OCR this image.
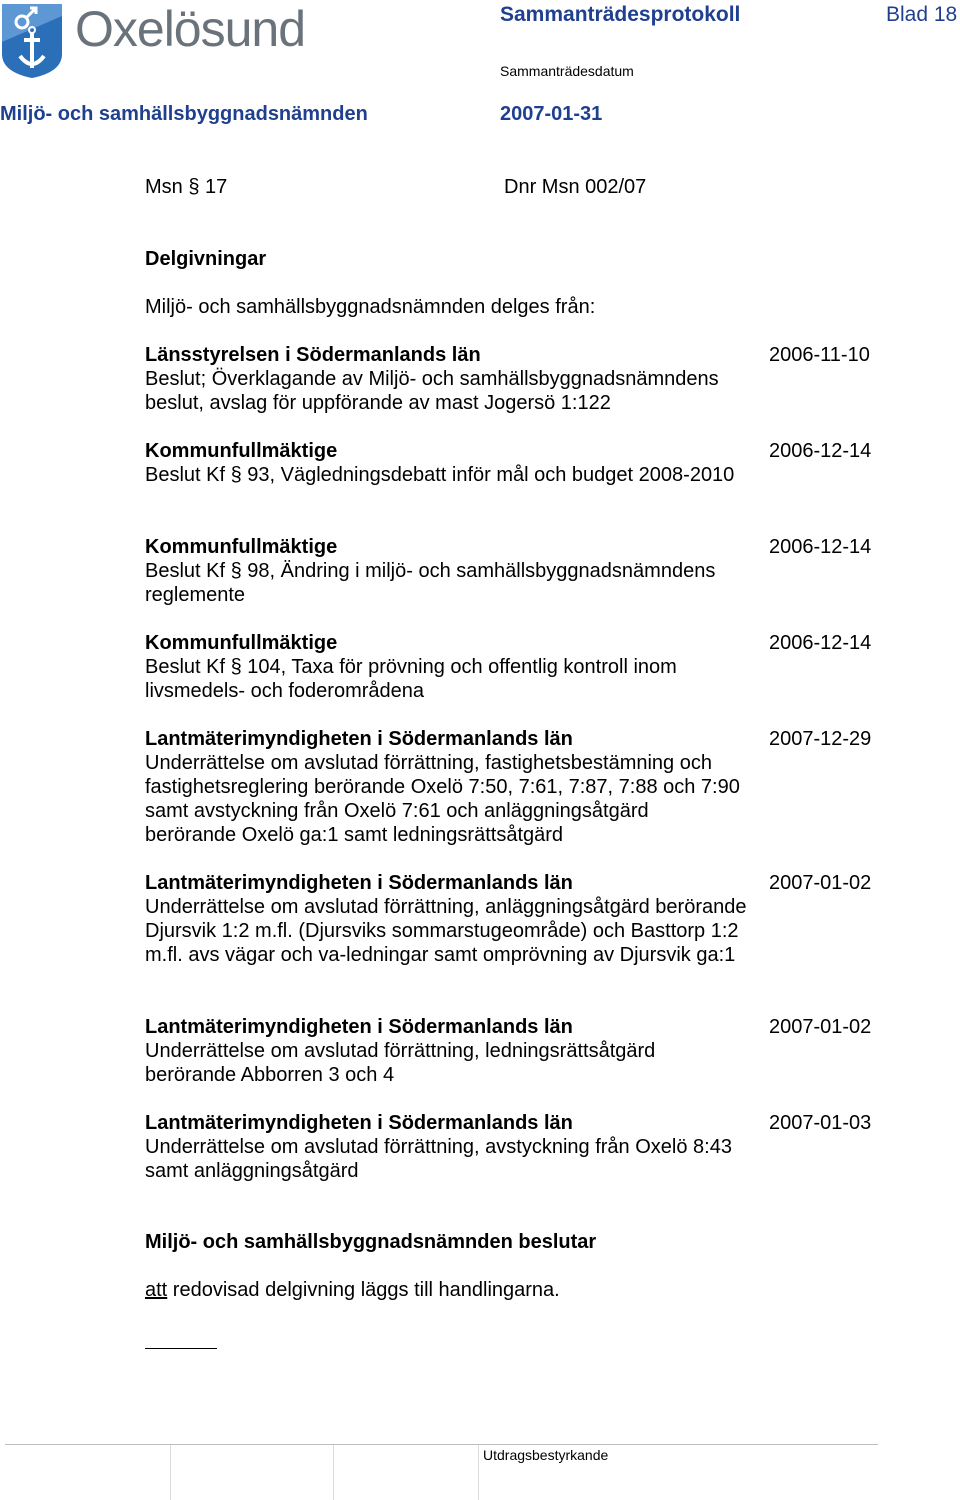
Oxelösund	Sammanträdesprotokoll	Blad 18
Sammanträdesdatum
Miljö- och samhällsbyggnadsnämnden	2007-01-31
Msn § 17	Dnr Msn 002/07
Delgivningar
Miljö- och samhällsbyggnadsnämnden delges från:
Länsstyrelsen i Södermanlands län
Beslut; Överklagande av Miljö- och samhällsbyggnadsnämndens beslut, avslag för uppförande av mast Jogersö 1:122
2006-11-10
Kommunfullmäktige
Beslut Kf § 93, Vägledningsdebatt inför mål och budget 2008-2010
2006-12-14
Kommunfullmäktige
Beslut Kf § 98, Ändring i miljö- och samhällsbyggnadsnämndens reglemente
2006-12-14
Kommunfullmäktige
Beslut Kf § 104, Taxa för prövning och offentlig kontroll inom livsmedels- och foderområdena
2006-12-14
Lantmäterimyndigheten i Södermanlands län
Underrättelse om avslutad förrättning, fastighetsbestämning och fastighetsreglering berörande Oxelö 7:50, 7:61, 7:87, 7:88 och 7:90 samt avstyckning från Oxelö 7:61 och anläggningsåtgärd berörande Oxelö ga:1 samt ledningsrättsåtgärd
2007-12-29
Lantmäterimyndigheten i Södermanlands län
Underrättelse om avslutad förrättning, anläggningsåtgärd berörande Djursvik 1:2 m.fl. (Djursviks sommarstugeområde) och Basttorp 1:2 m.fl. avs vägar och va-ledningar samt omprövning av Djursvik ga:1
2007-01-02
Lantmäterimyndigheten i Södermanlands län
Underrättelse om avslutad förrättning, ledningsrättsåtgärd berörande Abborren 3 och 4
2007-01-02
Lantmäterimyndigheten i Södermanlands län
Underrättelse om avslutad förrättning, avstyckning från Oxelö 8:43 samt anläggningsåtgärd
2007-01-03
Miljö- och samhällsbyggnadsnämnden beslutar
att redovisad delgivning läggs till handlingarna.
Utdragsbestyrkande
